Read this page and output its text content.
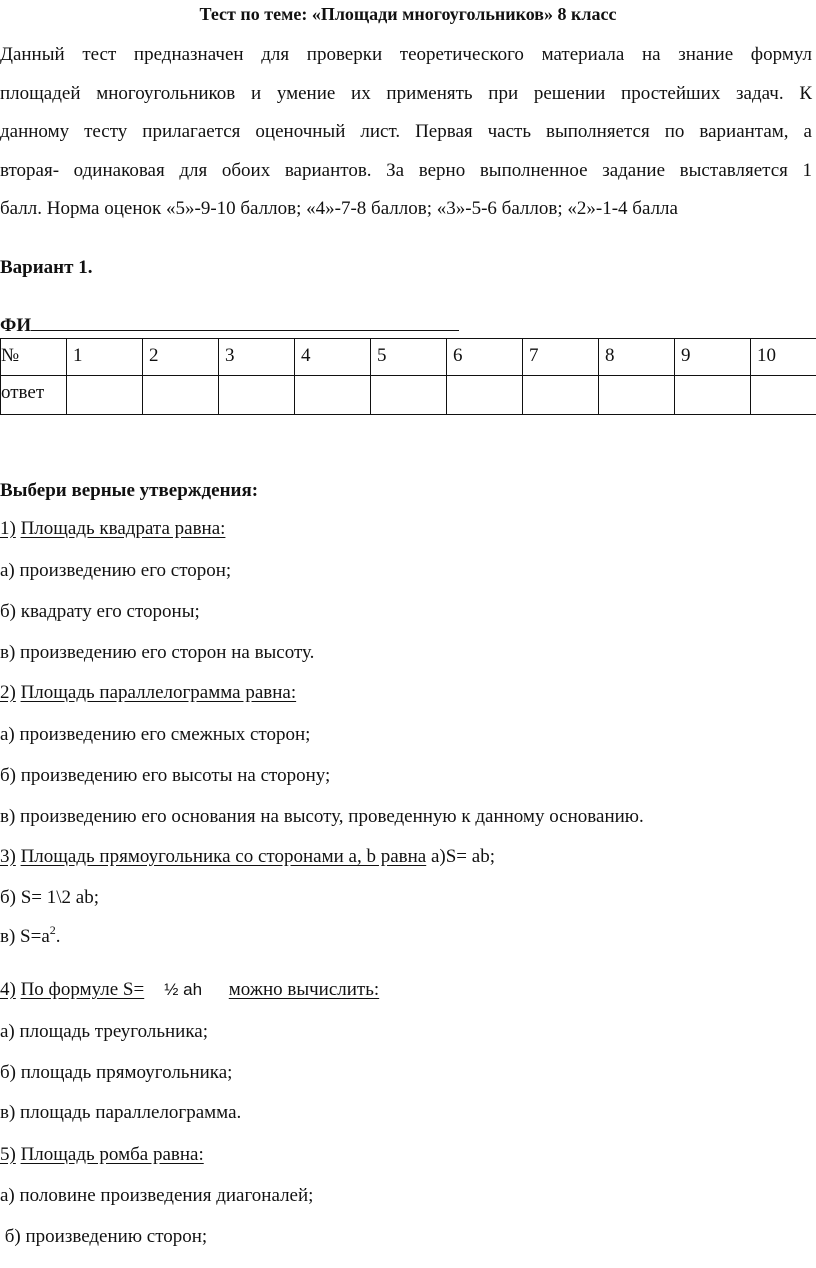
Тест по теме: «Площади многоугольников» 8 класс
Данный тест предназначен для проверки теоретического материала на знание формул
площадей многоугольников и умение их применять при решении простейших задач. К
данному тесту прилагается оценочный лист. Первая часть выполняется по вариантам, а
вторая- одинаковая для обоих вариантов. За верно выполненное задание выставляется 1
балл. Норма оценок «5»-9-10 баллов; «4»-7-8 баллов; «3»-5-6 баллов; «2»-1-4 балла
Вариант 1.
ФИ
№	1	2	3	4	5	6	7	8	9	10
ответ										
Выбери верные утверждения:
1) Площадь квадрата равна:
а) произведению его сторон;
б) квадрату его стороны;
в) произведению его сторон на высоту.
2) Площадь параллелограмма равна:
а) произведению его смежных сторон;
б) произведению его высоты на сторону;
в) произведению его основания на высоту, проведенную к данному основанию.
3) Площадь прямоугольника со сторонами а, b равна а)S= ab;
б) S= 1\2 ab;
в) $S=a^2$.
4) По формуле S= ½ ah можно вычислить:
а) площадь треугольника;
б) площадь прямоугольника;
в) площадь параллелограмма.
5) Площадь ромба равна:
а) половине произведения диагоналей;
б) произведению сторон;
